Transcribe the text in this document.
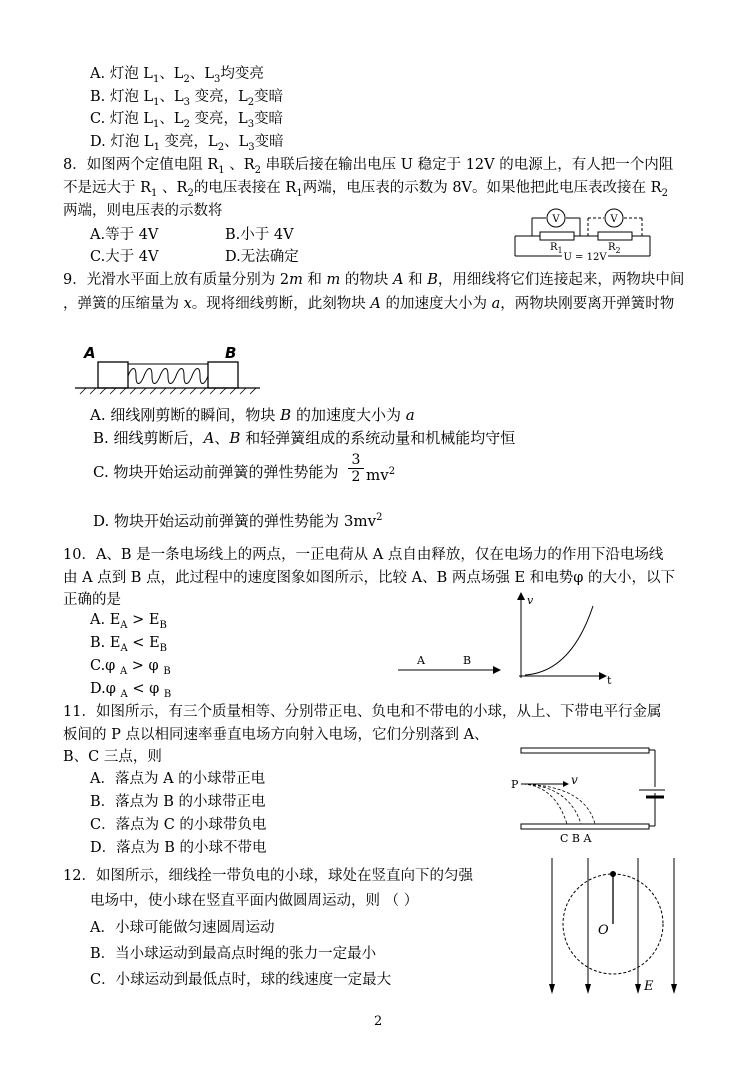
A. 灯泡 $L_1$、$L_2$、$L_3$均变亮
B. 灯泡 $L_1$、$L_3$ 变亮，$L_2$变暗
C. 灯泡 $L_1$、$L_2$ 变亮，$L_3$变暗
D. 灯泡 $L_1$ 变亮，$L_2$、$L_3$变暗
8．如图两个定值电阻 $R_1$ 、$R_2$ 串联后接在输出电压 U 稳定于 12V 的电源上，有人把一个内阻
不是远大于 $R_1$ 、$R_2$的电压表接在 $R_1$两端，电压表的示数为 8V。如果他把此电压表改接在 $R_2$
两端，则电压表的示数将
A.等于 4V	B.小于 4V
C.大于 4V	D.无法确定
V	V
$R_1$	$R_2$
U = 12V
9．光滑水平面上放有质量分别为 2m 和 m 的物块 A 和 B，用细线将它们连接起来，两物块中间
，弹簧的压缩量为 x。现将细线剪断，此刻物块 A 的加速度大小为 a，两物块刚要离开弹簧时物
A	B
A. 细线刚剪断的瞬间，物块 B 的加速度大小为 a
B. 细线剪断后，A、B 和轻弹簧组成的系统动量和机械能均守恒
C. 物块开始运动前弹簧的弹性势能为 $\frac{3}{2} mv^2$
D. 物块开始运动前弹簧的弹性势能为 $3mv^2$
10．A、B 是一条电场线上的两点，一正电荷从 A 点自由释放，仅在电场力的作用下沿电场线
由 A 点到 B 点，此过程中的速度图象如图所示，比较 A、B 两点场强 E 和电势φ 的大小，以下
正确的是
A. $E_A > E_B$
B. $E_A < E_B$
C.φ $_A$ > φ $_B$
D.φ $_A$ < φ $_B$
A	B
v
t
11．如图所示，有三个质量相等、分别带正电、负电和不带电的小球，从上、下带电平行金属
板间的 P 点以相同速率垂直电场方向射入电场，它们分别落到 A、
B、C 三点，则
A．落点为 A 的小球带正电
B．落点为 B 的小球带正电
C．落点为 C 的小球带负电
D．落点为 B 的小球不带电
P	v
C B A
12．如图所示，细线拴一带负电的小球，球处在竖直向下的匀强
电场中，使小球在竖直平面内做圆周运动，则 （ ）
A．小球可能做匀速圆周运动
B．当小球运动到最高点时绳的张力一定最小
C．小球运动到最低点时，球的线速度一定最大
O
E
2
